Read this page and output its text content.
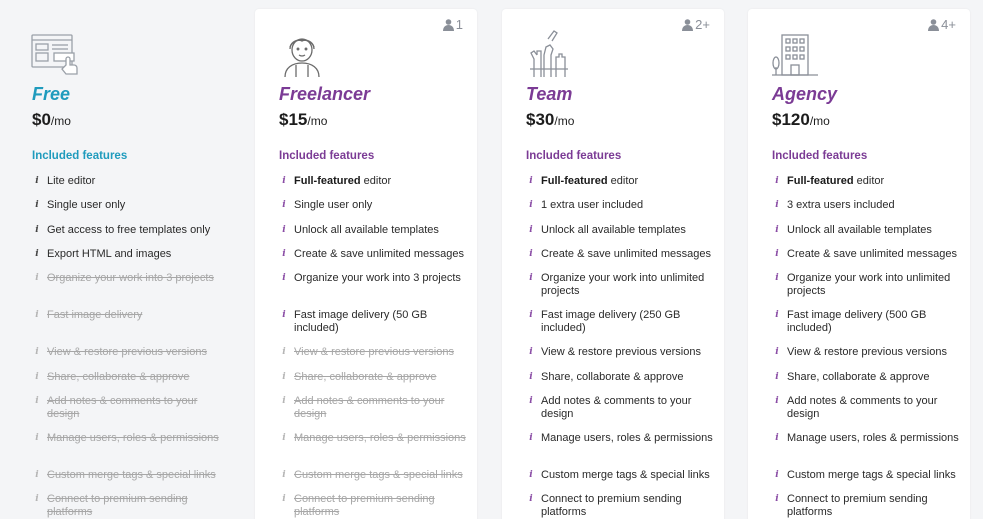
Free
$0/mo
Included features
i Lite editor
i Single user only
i Get access to free templates only
i Export HTML and images
i Organize your work into 3 projects
i Fast image delivery
i View & restore previous versions
i Share, collaborate & approve
i Add notes & comments to your design
i Manage users, roles & permissions
i Custom merge tags & special links
i Connect to premium sending platforms
1
Freelancer
$15/mo
Included features
i Full-featured editor
i Single user only
i Unlock all available templates
i Create & save unlimited messages
i Organize your work into 3 projects
i Fast image delivery (50 GB included)
i View & restore previous versions
i Share, collaborate & approve
i Add notes & comments to your design
i Manage users, roles & permissions
i Custom merge tags & special links
i Connect to premium sending platforms
2+
Team
$30/mo
Included features
i Full-featured editor
i 1 extra user included
i Unlock all available templates
i Create & save unlimited messages
i Organize your work into unlimited projects
i Fast image delivery (250 GB included)
i View & restore previous versions
i Share, collaborate & approve
i Add notes & comments to your design
i Manage users, roles & permissions
i Custom merge tags & special links
i Connect to premium sending platforms
4+
Agency
$120/mo
Included features
i Full-featured editor
i 3 extra users included
i Unlock all available templates
i Create & save unlimited messages
i Organize your work into unlimited projects
i Fast image delivery (500 GB included)
i View & restore previous versions
i Share, collaborate & approve
i Add notes & comments to your design
i Manage users, roles & permissions
i Custom merge tags & special links
i Connect to premium sending platforms
